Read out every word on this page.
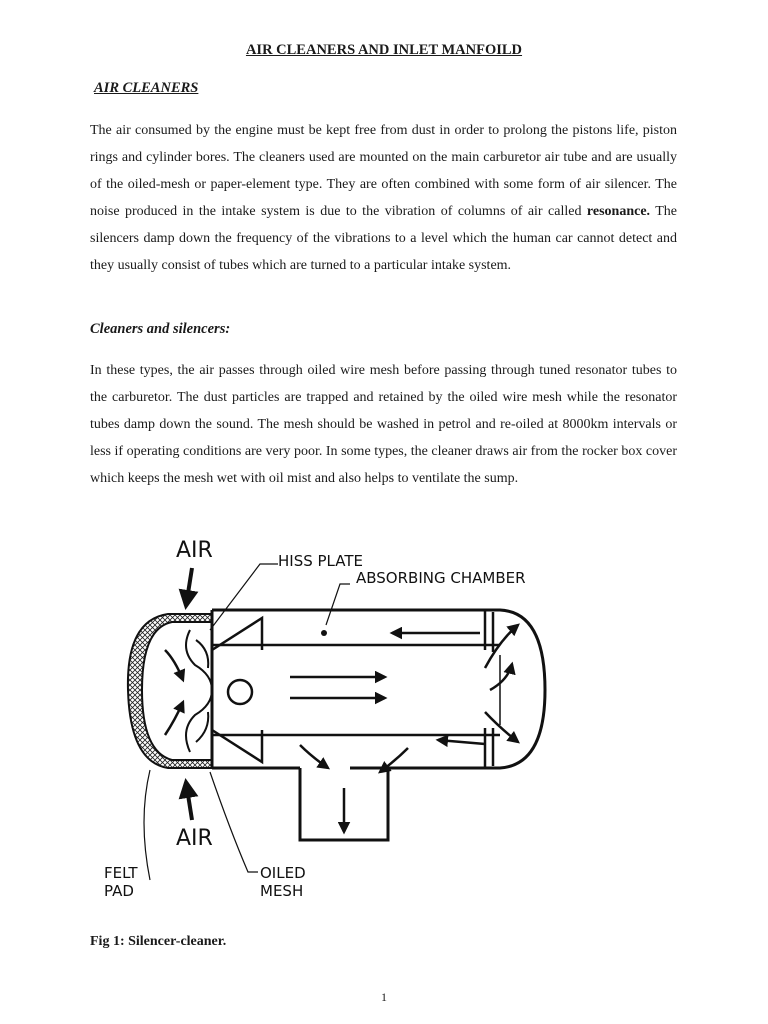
AIR CLEANERS AND INLET MANFOILD
AIR CLEANERS

The air consumed by the engine must be kept free from dust in order to prolong the pistons life, piston rings and cylinder bores. The cleaners used are mounted on the main carburetor air tube and are usually of the oiled-mesh or paper-element type. They are often combined with some form of air silencer. The noise produced in the intake system is due to the vibration of columns of air called resonance. The silencers damp down the frequency of the vibrations to a level which the human car cannot detect and they usually consist of tubes which are turned to a particular intake system.

Cleaners and silencers:

In these types, the air passes through oiled wire mesh before passing through tuned resonator tubes to the carburetor. The dust particles are trapped and retained by the oiled wire mesh while the resonator tubes damp down the sound. The mesh should be washed in petrol and re-oiled at 8000km intervals or less if operating conditions are very poor. In some types, the cleaner draws air from the rocker box cover which keeps the mesh wet with oil mist and also helps to ventilate the sump.

AIR	HISS PLATE
ABSORBING CHAMBER
AIR
FELT
PAD
OILED
MESH
Fig 1: Silencer-cleaner.
1
